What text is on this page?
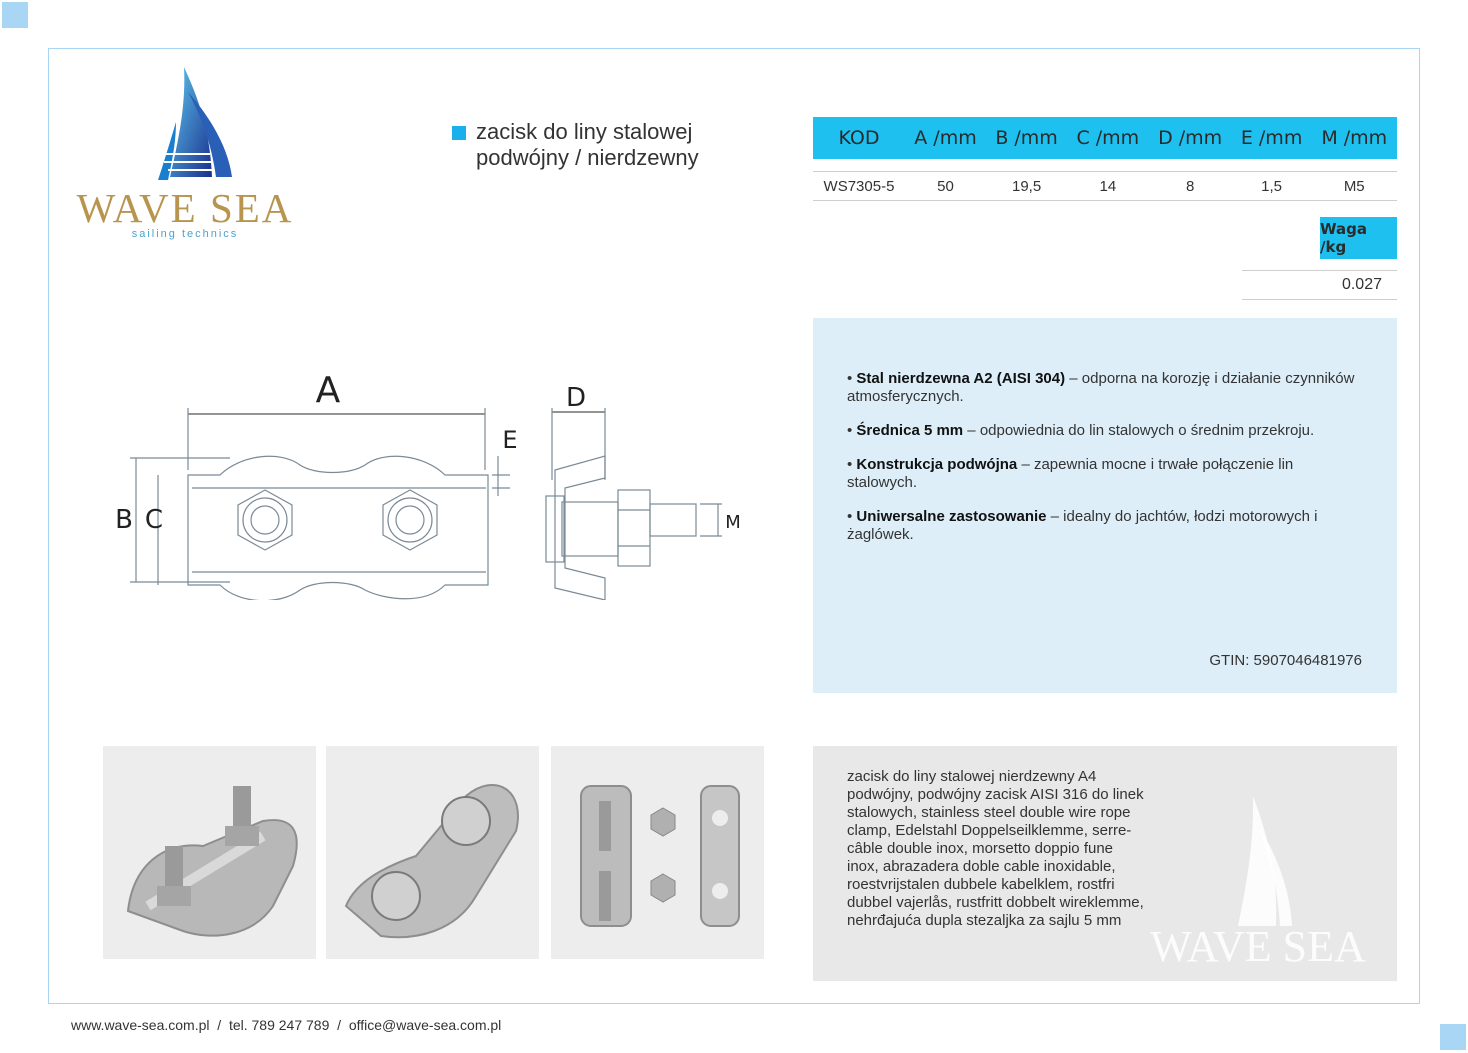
WAVE SEA
sailing technics
zacisk do liny stalowej
podwójny / nierdzewny
KOD	A /mm	B /mm	C /mm	D /mm	E /mm	M /mm

WS7305-5	50	19,5	14	8	1,5	M5
Waga /kg
0.027
• Stal nierdzewna A2 (AISI 304) – odporna na korozję i działanie czynników atmosferycznych.
• Średnica 5 mm – odpowiednia do lin stalowych o średnim przekroju.
• Konstrukcja podwójna – zapewnia mocne i trwałe połączenie lin stalowych.
• Uniwersalne zastosowanie – idealny do jachtów, łodzi motorowych i żaglówek.
GTIN: 5907046481976
A
B C
D
E
M
WAVE SEA
zacisk do liny stalowej nierdzewny A4 podwójny, podwójny zacisk AISI 316 do linek stalowych, stainless steel double wire rope clamp, Edelstahl Doppelseilklemme, serre-câble double inox, morsetto doppio fune inox, abrazadera doble cable inoxidable, roestvrijstalen dubbele kabelklem, rostfri dubbel vajerlås, rustfritt dobbelt wireklemme, nehrđajuća dupla stezaljka za sajlu 5 mm
www.wave-sea.com.pl / tel. 789 247 789 / office@wave-sea.com.pl
